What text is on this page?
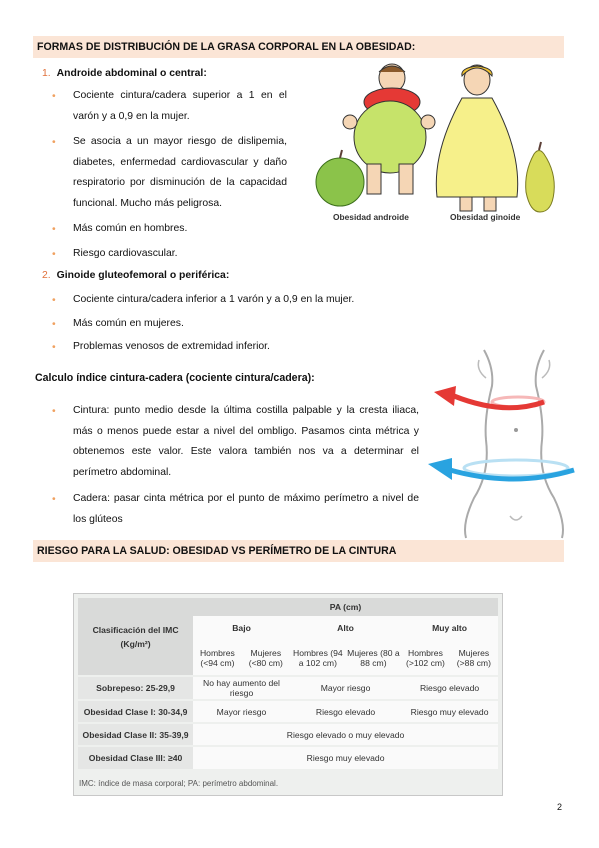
FORMAS DE DISTRIBUCIÓN DE LA GRASA CORPORAL EN LA OBESIDAD:
1. Androide abdominal o central:
• Cociente cintura/cadera superior a 1 en el varón y a 0,9 en la mujer.
• Se asocia a un mayor riesgo de dislipemia, diabetes, enfermedad cardiovascular y daño respiratorio por disminución de la capacidad funcional. Mucho más peligrosa.
• Más común en hombres.
• Riesgo cardiovascular.
2. Ginoide gluteofemoral o periférica:
• Cociente cintura/cadera inferior a 1 varón y a 0,9 en la mujer.
• Más común en mujeres.
• Problemas venosos de extremidad inferior.
Obesidad androide	Obesidad ginoide
Calculo índice cintura-cadera (cociente cintura/cadera):
• Cintura: punto medio desde la última costilla palpable y la cresta iliaca, más o menos puede estar a nivel del ombligo. Pasamos cinta métrica y obtenemos este valor. Este valora también nos va a determinar el perímetro abdominal.
• Cadera: pasar cinta métrica por el punto de máximo perímetro a nivel de los glúteos
RIESGO PARA LA SALUD: OBESIDAD VS PERÍMETRO DE LA CINTURA
Clasificación del IMC (Kg/m²)	PA (cm)					
	Bajo		Alto		Muy alto	
	Hombres (<94 cm)	Mujeres (<80 cm)	Hombres (94 a 102 cm)	Mujeres (80 a 88 cm)	Hombres (>102 cm)	Mujeres (>88 cm)
Sobrepeso: 25-29,9	No hay aumento del riesgo		Mayor riesgo		Riesgo elevado	
Obesidad Clase I: 30-34,9	Mayor riesgo		Riesgo elevado		Riesgo muy elevado	
Obesidad Clase II: 35-39,9	Riesgo elevado o muy elevado					
Obesidad Clase III: ≥40	Riesgo muy elevado					
IMC: índice de masa corporal; PA: perímetro abdominal.
2
